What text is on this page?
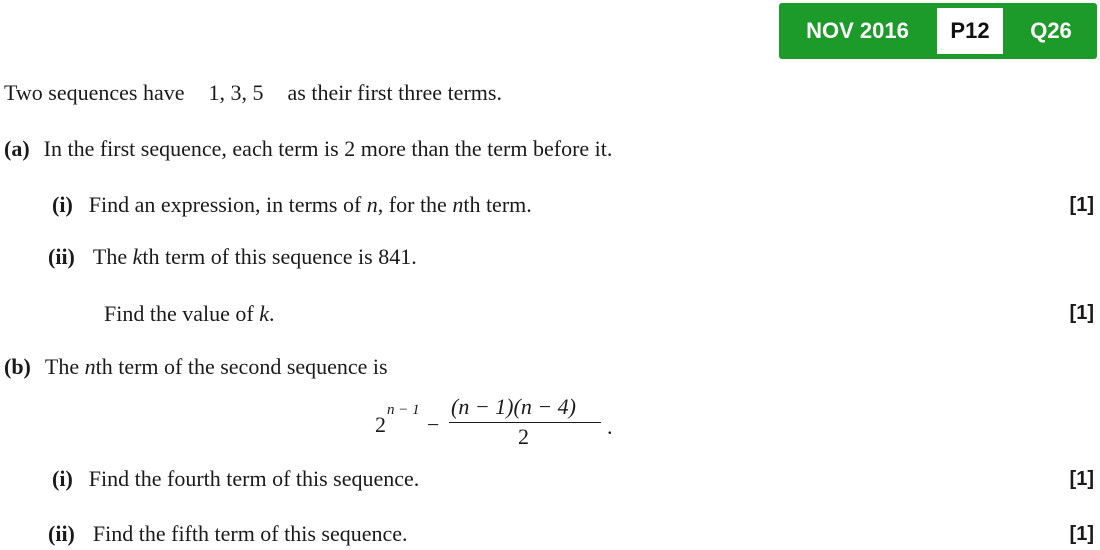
NOV 2016	P12	Q26
Two sequences have 1, 3, 5 as their first three terms.
(a) In the first sequence, each term is 2 more than the term before it.
(i) Find an expression, in terms of n, for the nth term.	[1]
(ii) The kth term of this sequence is 841.
Find the value of k.	[1]
(b) The nth term of the second sequence is
2
n − 1
−
(n − 1)(n − 4)
2	.
(i) Find the fourth term of this sequence.	[1]
(ii) Find the fifth term of this sequence.	[1]
